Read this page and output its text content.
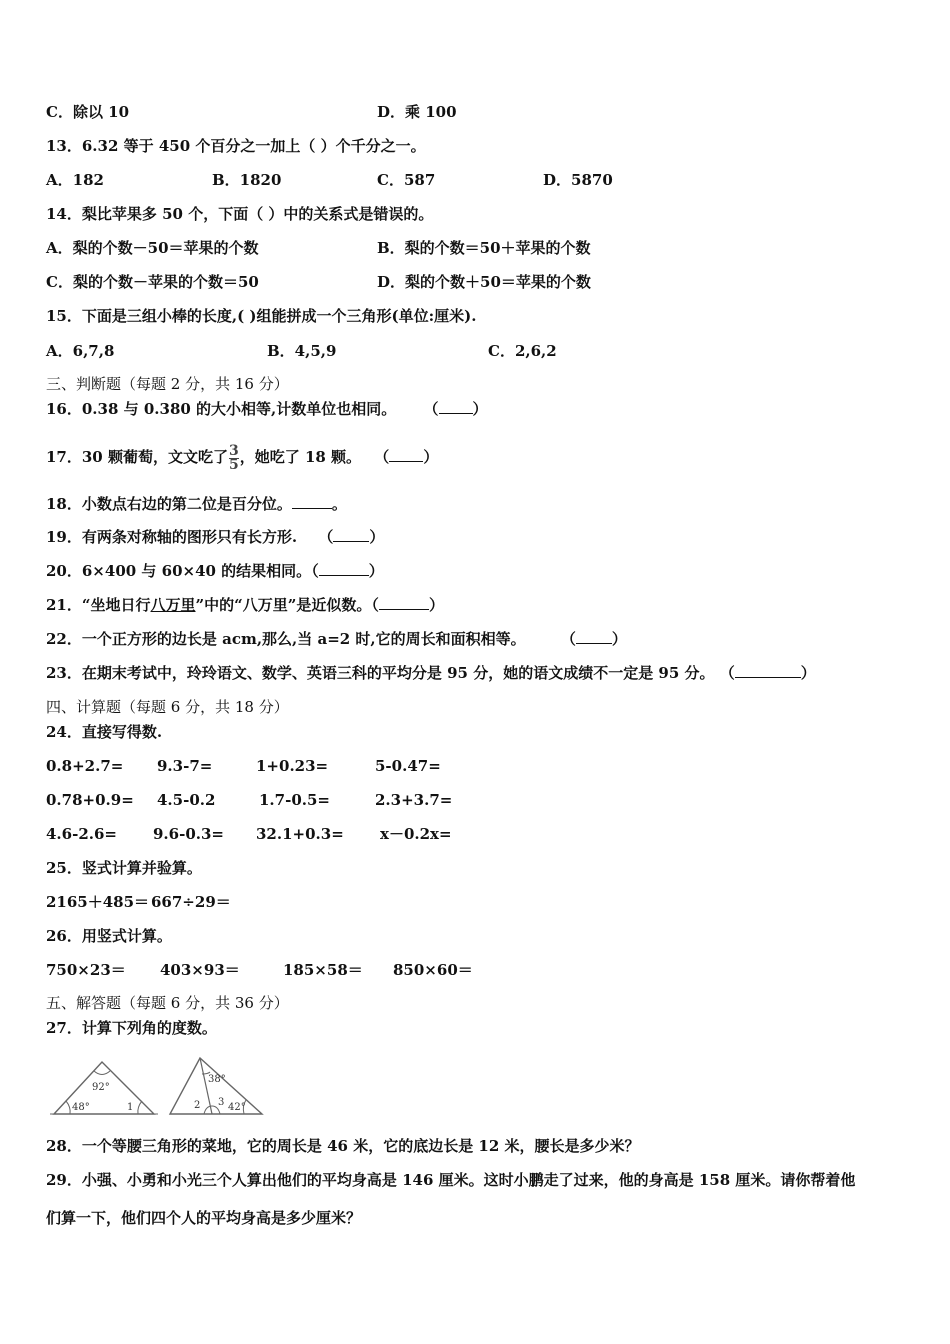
C．除以 10	D．乘 100
13．6.32 等于 450 个百分之一加上（ ）个千分之一。
A．182	B．1820	C．587	D．5870
14．梨比苹果多 50 个，下面（ ）中的关系式是错误的。
A．梨的个数－50＝苹果的个数	B．梨的个数＝50＋苹果的个数
C．梨的个数－苹果的个数＝50	D．梨的个数＋50＝苹果的个数
15．下面是三组小棒的长度,( )组能拼成一个三角形(单位:厘米).
A．6,7,8	B．4,5,9	C．2,6,2
三、判断题（每题 2 分，共 16 分）
16．0.38 与 0.380 的大小相等,计数单位也相同。 （ ）
17．30 颗葡萄，文文吃了 $\frac{3}{5}$ ，她吃了 18 颗。 （ ）
18．小数点右边的第二位是百分位。	。
19．有两条对称轴的图形只有长方形. （ ）
20．6×400 与 60×40 的结果相同。（	）
21．“坐地日行八万里”中的“八万里”是近似数。（	）
22．一个正方形的边长是 acm,那么,当 a=2 时,它的周长和面积相等。 （ ）
23．在期末考试中，玲玲语文、数学、英语三科的平均分是 95 分，她的语文成绩不一定是 95 分。 （	）
四、计算题（每题 6 分，共 18 分）
24．直接写得数.
0.8+2.7= 9.3-7=	1+0.23=	5-0.47=
0.78+0.9= 4.5-0.2	1.7-0.5=	2.3+3.7=
4.6-2.6= 9.6-0.3= 32.1+0.3= x－0.2x=
25．竖式计算并验算。
2165＋485＝ 667÷29＝
26．用竖式计算。
750×23＝ 403×93＝	185×58＝ 850×60＝
五、解答题（每题 6 分，共 36 分）
27．计算下列角的度数。
92°
48°	1
38°
2 3 42°
28．一个等腰三角形的菜地，它的周长是 46 米，它的底边长是 12 米，腰长是多少米？
29．小强、小勇和小光三个人算出他们的平均身高是 146 厘米。这时小鹏走了过来，他的身高是 158 厘米。请你帮着他
们算一下，他们四个人的平均身高是多少厘米？
